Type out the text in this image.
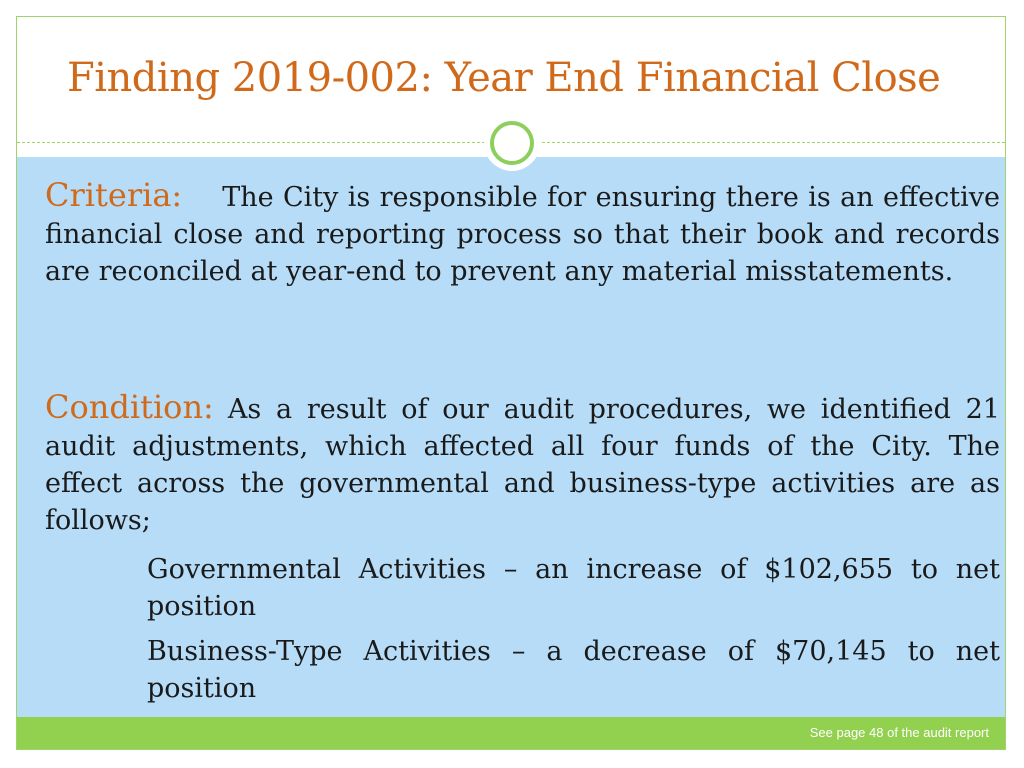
Finding 2019-002: Year End Financial Close
Criteria: The City is responsible for ensuring there is an effective financial close and reporting process so that their book and records are reconciled at year-end to prevent any material misstatements.
Condition: As a result of our audit procedures, we identified 21 audit adjustments, which affected all four funds of the City. The effect across the governmental and business-type activities are as follows;
Governmental Activities – an increase of $102,655 to net position
Business-Type Activities – a decrease of $70,145 to net position
See page 48 of the audit report
